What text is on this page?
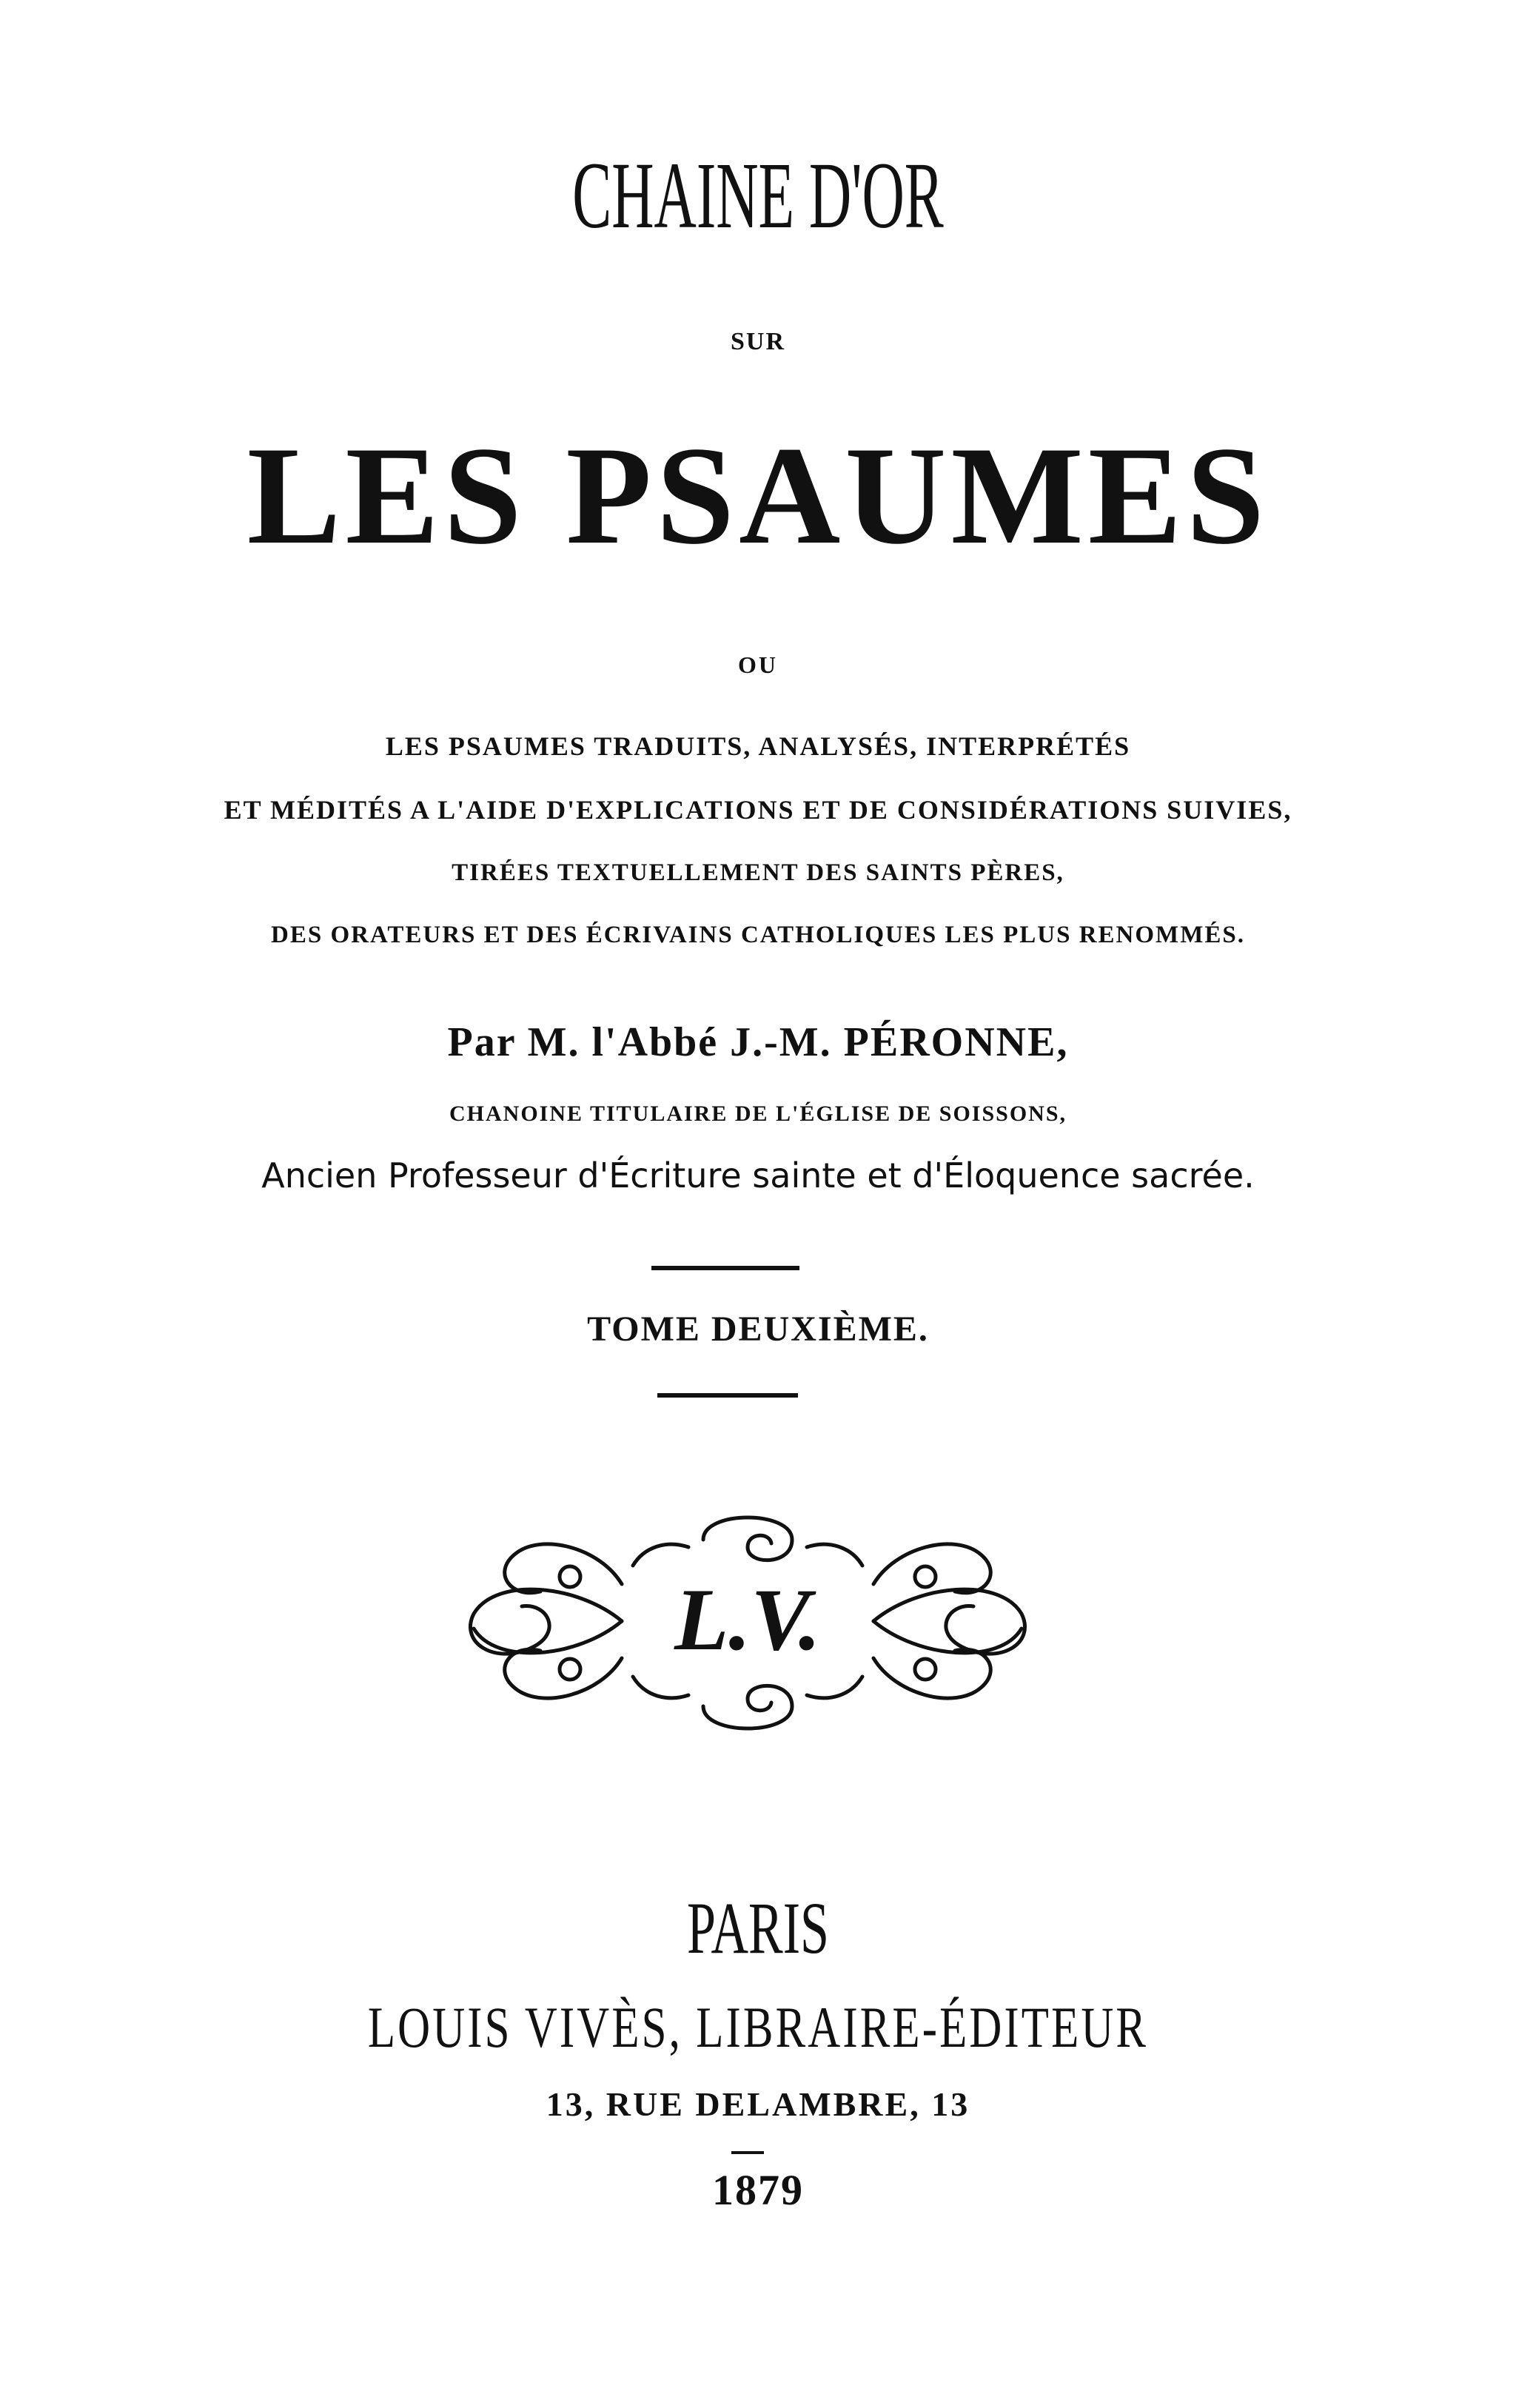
CHAINE D'OR
SUR
LES PSAUMES
OU
LES PSAUMES TRADUITS, ANALYSÉS, INTERPRÉTÉS
ET MÉDITÉS A L'AIDE D'EXPLICATIONS ET DE CONSIDÉRATIONS SUIVIES,
TIRÉES TEXTUELLEMENT DES SAINTS PÈRES,
DES ORATEURS ET DES ÉCRIVAINS CATHOLIQUES LES PLUS RENOMMÉS.
Par M. l'Abbé J.-M. PÉRONNE,
CHANOINE TITULAIRE DE L'ÉGLISE DE SOISSONS,
Ancien Professeur d'Écriture sainte et d'Éloquence sacrée.
TOME DEUXIÈME.
L.V.
PARIS
LOUIS VIVÈS, LIBRAIRE-ÉDITEUR
13, RUE DELAMBRE, 13
1879
